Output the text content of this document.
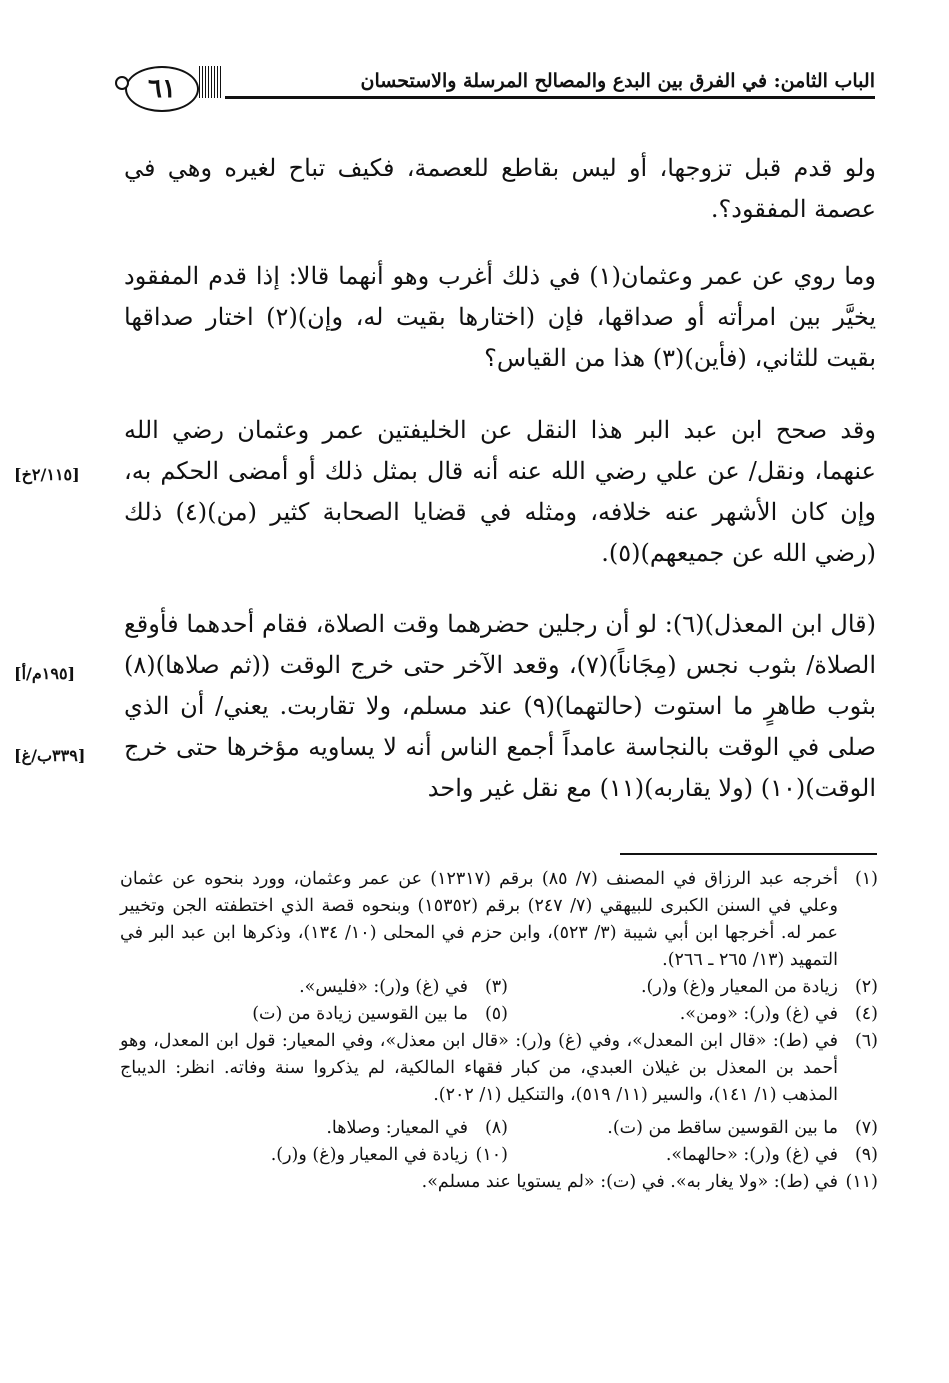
٦١	الباب الثامن: في الفرق بين البدع والمصالح المرسلة والاستحسان

ولو قدم قبل تزوجها، أو ليس بقاطع للعصمة، فكيف تباح لغيره وهي في عصمة المفقود؟.

وما روي عن عمر وعثمان(١) في ذلك أغرب وهو أنهما قالا: إذا قدم المفقود يخيَّر بين امرأته أو صداقها، فإن (اختارها بقيت له، وإن)(٢) اختار صداقها بقيت للثاني، (فأين)(٣) هذا من القياس؟

وقد صحح ابن عبد البر هذا النقل عن الخليفتين عمر وعثمان رضي الله عنهما، ونقل/ عن علي رضي الله عنه أنه قال بمثل ذلك أو أمضى الحكم به، وإن كان الأشهر عنه خلافه، ومثله في قضايا الصحابة كثير (من)(٤) ذلك (رضي الله عن جميعهم)(٥).

(قال ابن المعذل)(٦): لو أن رجلين حضرهما وقت الصلاة، فقام أحدهما فأوقع الصلاة/ بثوب نجس (مِجَاناً)(٧)، وقعد الآخر حتى خرج الوقت ((ثم صلاها)(٨) بثوب طاهرٍ ما استوت (حالتهما)(٩) عند مسلم، ولا تقاربت. يعني/ أن الذي صلى في الوقت بالنجاسة عامداً أجمع الناس أنه لا يساويه مؤخرها حتى خرج الوقت)(١٠) (ولا يقاربه)(١١) مع نقل غير واحد

[٢/١١٥خ]
[١٩٥م/أ]
[٣٣٩ب/غ]
(١)
أخرجه عبد الرزاق في المصنف (٧/ ٨٥) برقم (١٢٣١٧) عن عمر وعثمان، وورد بنحوه عن عثمان وعلي في السنن الكبرى للبيهقي (٧/ ٢٤٧) برقم (١٥٣٥٢) وبنحوه قصة الذي اختطفته الجن وتخيير عمر له. أخرجها ابن أبي شيبة (٣/ ٥٢٣)، وابن حزم في المحلى (١٠/ ١٣٤)، وذكرها ابن عبد البر في التمهيد (١٣/ ٢٦٥ ـ ٢٦٦).
(٢)
زيادة من المعيار و(غ) و(ر).
(٣)
في (غ) و(ر): «فليس».
(٤)
في (غ) و(ر): «ومن».
(٥)
ما بين القوسين زيادة من (ت)
(٦)
في (ط): «قال ابن المعدل»، وفي (غ) و(ر): «قال ابن معذل»، وفي المعيار: قول ابن المعدل، وهو أحمد بن المعذل بن غيلان العبدي، من كبار فقهاء المالكية، لم يذكروا سنة وفاته. انظر: الديباج المذهب (١/ ١٤١)، والسير (١١/ ٥١٩)، والتنكيل (١/ ٢٠٢).
(٧)
ما بين القوسين ساقط من (ت).
(٨)
في المعيار: وصلاها.
(٩)
في (غ) و(ر): «حالهما».
(١٠)
زيادة في المعيار و(غ) و(ر).
(١١)
في (ط): «ولا يغار به». في (ت): «لم يستويا عند مسلم».
